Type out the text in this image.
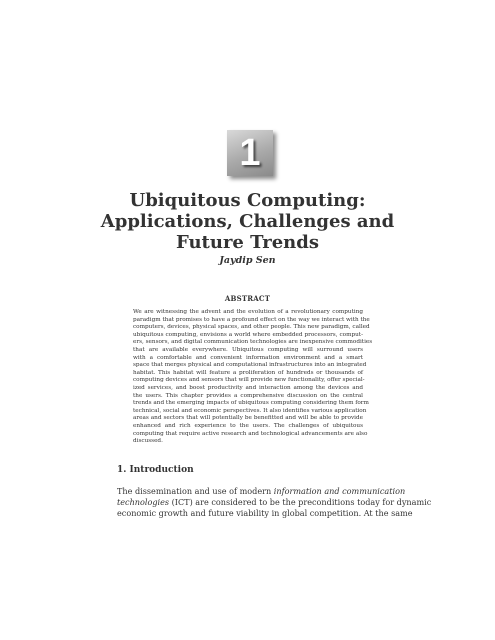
1
Ubiquitous Computing:
Applications, Challenges and
Future Trends
Jaydip Sen
ABSTRACT
We are witnessing the advent and the evolution of a revolutionary computing
paradigm that promises to have a profound effect on the way we interact with the
computers, devices, physical spaces, and other people. This new paradigm, called
ubiquitous computing, envisions a world where embedded processors, comput-
ers, sensors, and digital communication technologies are inexpensive commodities
that are available everywhere. Ubiquitous computing will surround users
with a comfortable and convenient information environment and a smart
space that merges physical and computational infrastructures into an integrated
habitat. This habitat will feature a proliferation of hundreds or thousands of
computing devices and sensors that will provide new functionality, offer special-
ized services, and boost productivity and interaction among the devices and
the users. This chapter provides a comprehensive discussion on the central
trends and the emerging impacts of ubiquitous computing considering them form
technical, social and economic perspectives. It also identifies various application
areas and sectors that will potentially be benefitted and will be able to provide
enhanced and rich experience to the users. The challenges of ubiquitous
computing that require active research and technological advancements are also
discussed.
1. Introduction
The dissemination and use of modern information and communication
technologies (ICT) are considered to be the preconditions today for dynamic
economic growth and future viability in global competition. At the same
